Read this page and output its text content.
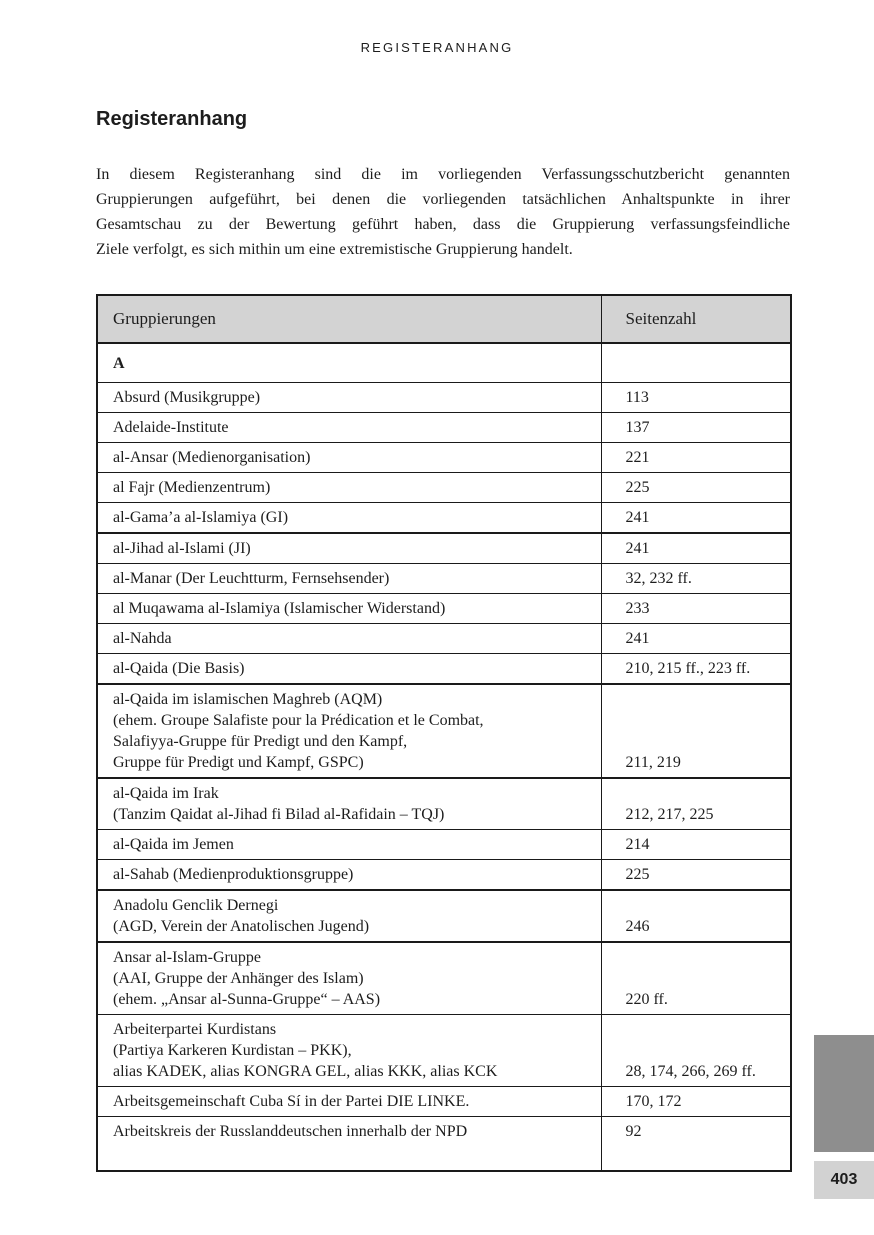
REGISTERANHANG
Registeranhang
In diesem Registeranhang sind die im vorliegenden Verfassungsschutzbericht genannten
Gruppierungen aufgeführt, bei denen die vorliegenden tatsächlichen Anhaltspunkte in ihrer
Gesamtschau zu der Bewertung geführt haben, dass die Gruppierung verfassungsfeindliche
Ziele verfolgt, es sich mithin um eine extremistische Gruppierung handelt.
Gruppierungen	Seitenzahl
A	
Absurd (Musikgruppe)	113
Adelaide-Institute	137
al-Ansar (Medienorganisation)	221
al Fajr (Medienzentrum)	225
al-Gama’a al-Islamiya (GI)	241
al-Jihad al-Islami (JI)	241
al-Manar (Der Leuchtturm, Fernsehsender)	32, 232 ff.
al Muqawama al-Islamiya (Islamischer Widerstand)	233
al-Nahda	241
al-Qaida (Die Basis)	210, 215 ff., 223 ff.
al-Qaida im islamischen Maghreb (AQM)
(ehem. Groupe Salafiste pour la Prédication et le Combat,
Salafiyya-Gruppe für Predigt und den Kampf,
Gruppe für Predigt und Kampf, GSPC)	211, 219
al-Qaida im Irak
(Tanzim Qaidat al-Jihad fi Bilad al-Rafidain – TQJ)	212, 217, 225
al-Qaida im Jemen	214
al-Sahab (Medienproduktionsgruppe)	225
Anadolu Genclik Dernegi
(AGD, Verein der Anatolischen Jugend)	246
Ansar al-Islam-Gruppe
(AAI, Gruppe der Anhänger des Islam)
(ehem. „Ansar al-Sunna-Gruppe“ – AAS)	220 ff.
Arbeiterpartei Kurdistans
(Partiya Karkeren Kurdistan – PKK),
alias KADEK, alias KONGRA GEL, alias KKK, alias KCK	28, 174, 266, 269 ff.
Arbeitsgemeinschaft Cuba Sí in der Partei DIE LINKE.	170, 172
Arbeitskreis der Russlanddeutschen innerhalb der NPD	92
403
